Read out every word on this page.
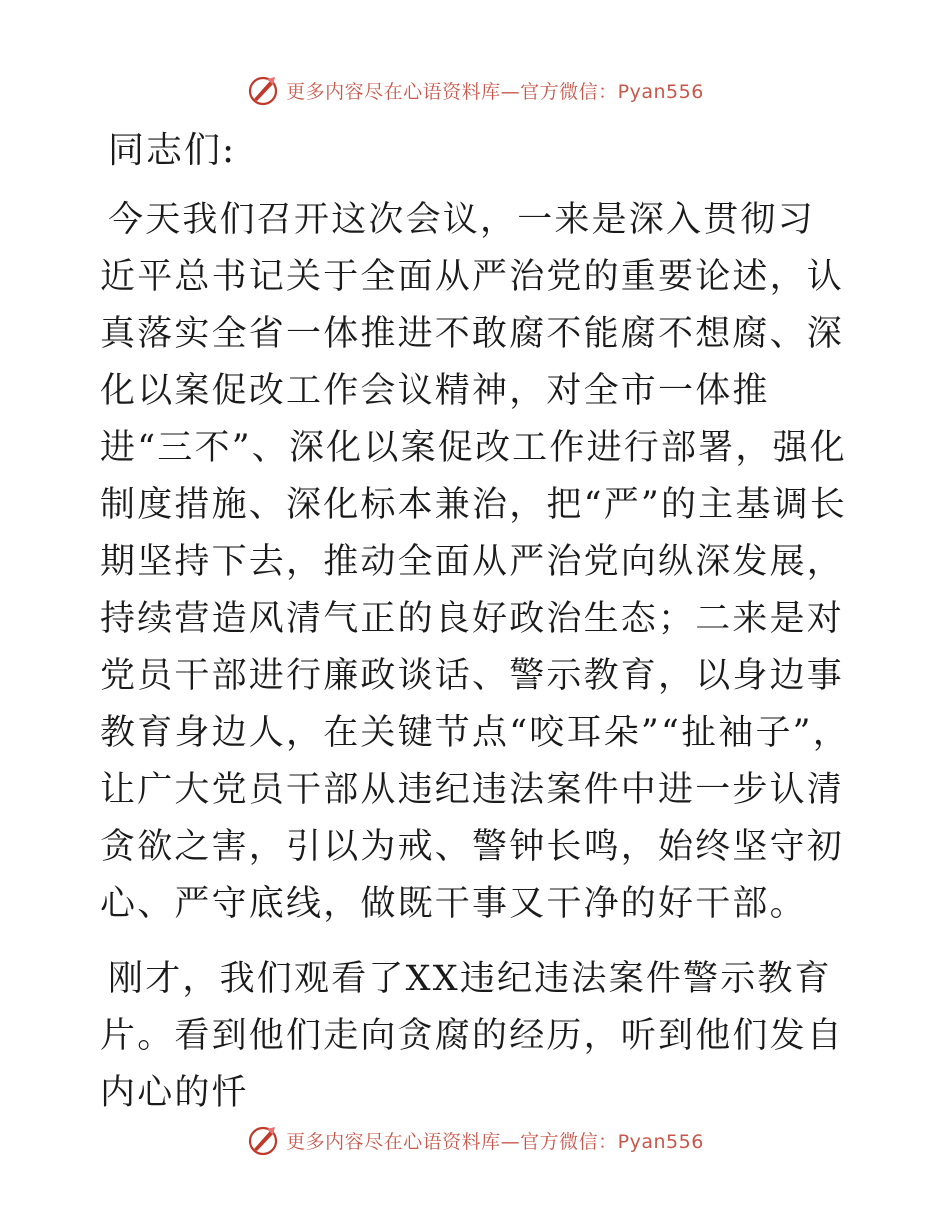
更多内容尽在心语资料库—官方微信：Pyan556

同志们:

今天我们召开这次会议，一来是深入贯彻习近平总书记关于全面从严治党的重要论述，认真落实全省一体推进不敢腐不能腐不想腐、深化以案促改工作会议精神，对全市一体推进“三不”、深化以案促改工作进行部署，强化制度措施、深化标本兼治，把“严”的主基调长期坚持下去，推动全面从严治党向纵深发展，持续营造风清气正的良好政治生态；二来是对党员干部进行廉政谈话、警示教育，以身边事教育身边人，在关键节点“咬耳朵”“扯袖子”，让广大党员干部从违纪违法案件中进一步认清贪欲之害，引以为戒、警钟长鸣，始终坚守初心、严守底线，做既干事又干净的好干部。

刚才，我们观看了XX违纪违法案件警示教育片。看到他们走向贪腐的经历，听到他们发自内心的忏

更多内容尽在心语资料库—官方微信：Pyan556
